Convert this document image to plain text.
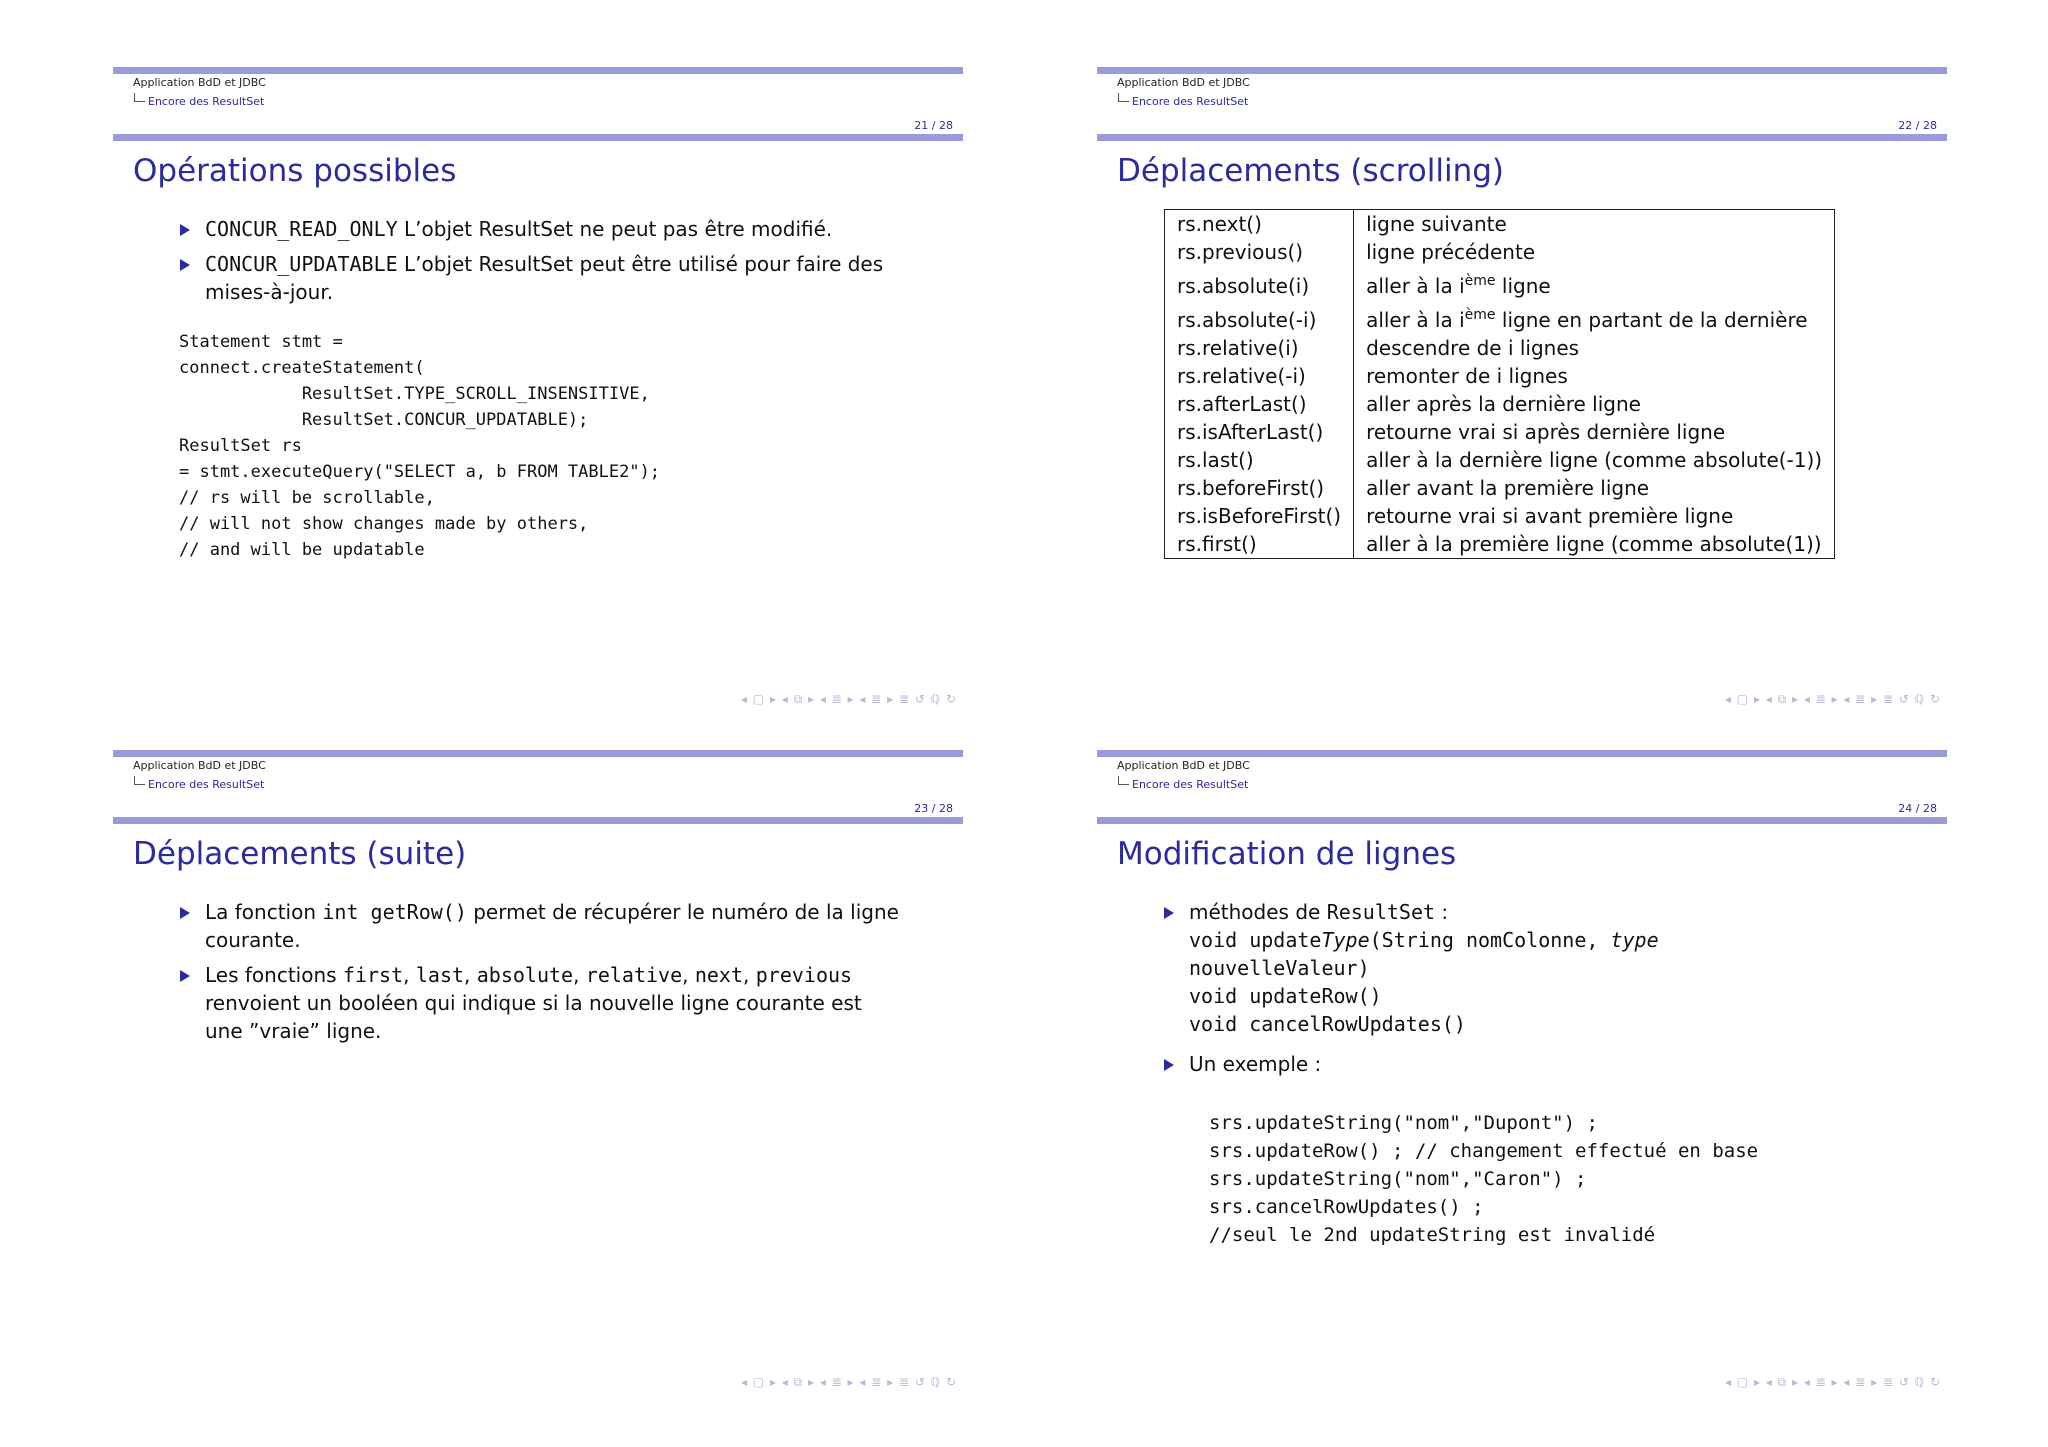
Application BdD et JDBC
Encore des ResultSet
21 / 28
Opérations possibles
CONCUR_READ_ONLY L’objet ResultSet ne peut pas être modifié.
CONCUR_UPDATABLE L’objet ResultSet peut être utilisé pour faire des mises-à-jour.
Statement stmt =
connect.createStatement(
ResultSet.TYPE_SCROLL_INSENSITIVE,
ResultSet.CONCUR_UPDATABLE);
ResultSet rs
= stmt.executeQuery("SELECT a, b FROM TABLE2");
// rs will be scrollable,
// will not show changes made by others,
// and will be updatable
◂ ▢ ▸ ◂ ⧉ ▸ ◂ ≣ ▸ ◂ ≣ ▸ ≣ ↺ ℚ ↻
Application BdD et JDBC
Encore des ResultSet
22 / 28
Déplacements (scrolling)
rs.next()	ligne suivante
rs.previous()	ligne précédente
rs.absolute(i)	aller à la $i^{ème}$ ligne
rs.absolute(-i)	aller à la $i^{ème}$ ligne en partant de la dernière
rs.relative(i)	descendre de i lignes
rs.relative(-i)	remonter de i lignes
rs.afterLast()	aller après la dernière ligne
rs.isAfterLast()	retourne vrai si après dernière ligne
rs.last()	aller à la dernière ligne (comme absolute(-1))
rs.beforeFirst()	aller avant la première ligne
rs.isBeforeFirst()	retourne vrai si avant première ligne
rs.first()	aller à la première ligne (comme absolute(1))
◂ ▢ ▸ ◂ ⧉ ▸ ◂ ≣ ▸ ◂ ≣ ▸ ≣ ↺ ℚ ↻
Application BdD et JDBC
Encore des ResultSet
23 / 28
Déplacements (suite)
La fonction int getRow() permet de récupérer le numéro de la ligne courante.
Les fonctions first, last, absolute, relative, next, previous renvoient un booléen qui indique si la nouvelle ligne courante est une ”vraie” ligne.
◂ ▢ ▸ ◂ ⧉ ▸ ◂ ≣ ▸ ◂ ≣ ▸ ≣ ↺ ℚ ↻
Application BdD et JDBC
Encore des ResultSet
24 / 28
Modification de lignes
méthodes de ResultSet :
void updateType(String nomColonne, type
nouvelleValeur)
void updateRow()
void cancelRowUpdates()
Un exemple :
srs.updateString("nom","Dupont") ;
srs.updateRow() ; // changement effectué en base
srs.updateString("nom","Caron") ;
srs.cancelRowUpdates() ;
//seul le 2nd updateString est invalidé
◂ ▢ ▸ ◂ ⧉ ▸ ◂ ≣ ▸ ◂ ≣ ▸ ≣ ↺ ℚ ↻
